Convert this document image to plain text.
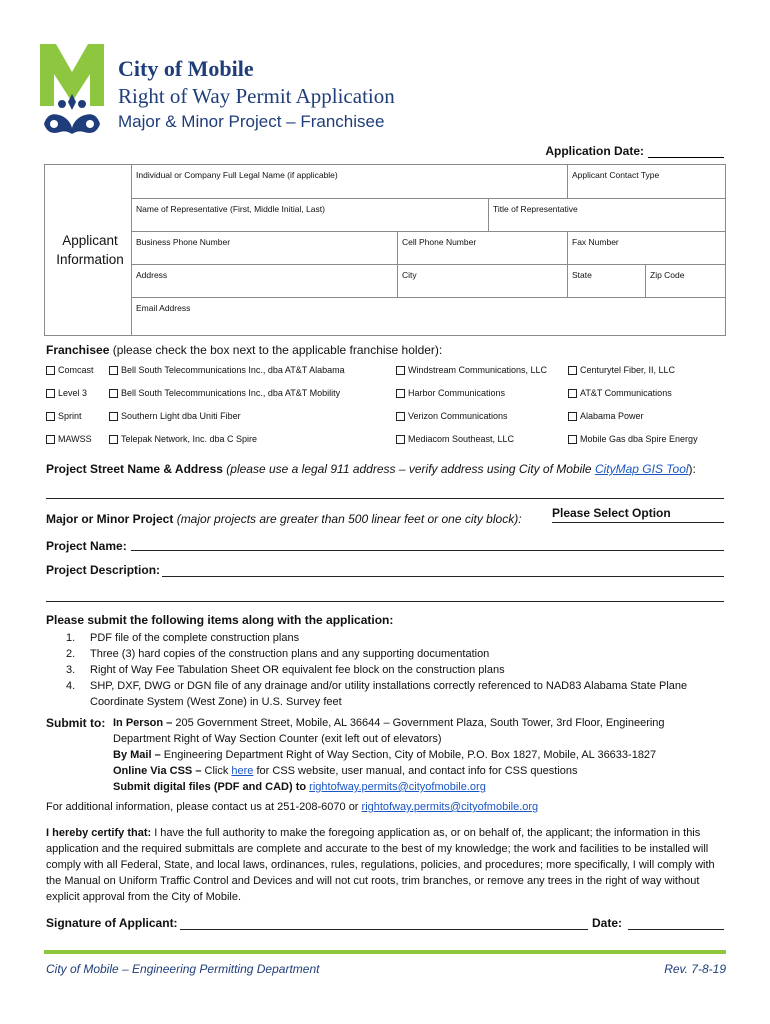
City of Mobile
Right of Way Permit Application
Major & Minor Project – Franchisee
Application Date:
Applicant
Information
Individual or Company Full Legal Name (if applicable)	Applicant Contact Type
Name of Representative (First, Middle Initial, Last)	Title of Representative
Business Phone Number	Cell Phone Number	Fax Number
Address	City	State	Zip Code
Email Address
Franchisee (please check the box next to the applicable franchise holder):
Comcast	Bell South Telecommunications Inc., dba AT&T Alabama	Windstream Communications, LLC	Centurytel Fiber, II, LLC
Level 3	Bell South Telecommunications Inc., dba AT&T Mobility	Harbor Communications	AT&T Communications
Sprint	Southern Light dba Uniti Fiber	Verizon Communications	Alabama Power
MAWSS	Telepak Network, Inc. dba C Spire	Mediacom Southeast, LLC	Mobile Gas dba Spire Energy
Project Street Name & Address (please use a legal 911 address – verify address using City of Mobile CityMap GIS Tool):
Major or Minor Project (major projects are greater than 500 linear feet or one city block):	Please Select Option
Project Name:
Project Description:
Please submit the following items along with the application:
1.	PDF file of the complete construction plans
2.	Three (3) hard copies of the construction plans and any supporting documentation
3.	Right of Way Fee Tabulation Sheet OR equivalent fee block on the construction plans
4.	SHP, DXF, DWG or DGN file of any drainage and/or utility installations correctly referenced to NAD83 Alabama State Plane
Coordinate System (West Zone) in U.S. Survey feet
Submit to: In Person – 205 Government Street, Mobile, AL 36644 – Government Plaza, South Tower, 3rd Floor, Engineering
Department Right of Way Section Counter (exit left out of elevators)
By Mail – Engineering Department Right of Way Section, City of Mobile, P.O. Box 1827, Mobile, AL 36633-1827
Online Via CSS – Click here for CSS website, user manual, and contact info for CSS questions
Submit digital files (PDF and CAD) to rightofway.permits@cityofmobile.org
For additional information, please contact us at 251-208-6070 or rightofway.permits@cityofmobile.org
I hereby certify that: I have the full authority to make the foregoing application as, or on behalf of, the applicant; the information in this application and the required submittals are complete and accurate to the best of my knowledge; the work and facilities to be installed will comply with all Federal, State, and local laws, ordinances, rules, regulations, policies, and procedures; more specifically, I will comply with the Manual on Uniform Traffic Control and Devices and will not cut roots, trim branches, or remove any trees in the right of way without explicit approval from the City of Mobile.
Signature of Applicant:	Date:
City of Mobile – Engineering Permitting Department	Rev. 7-8-19
